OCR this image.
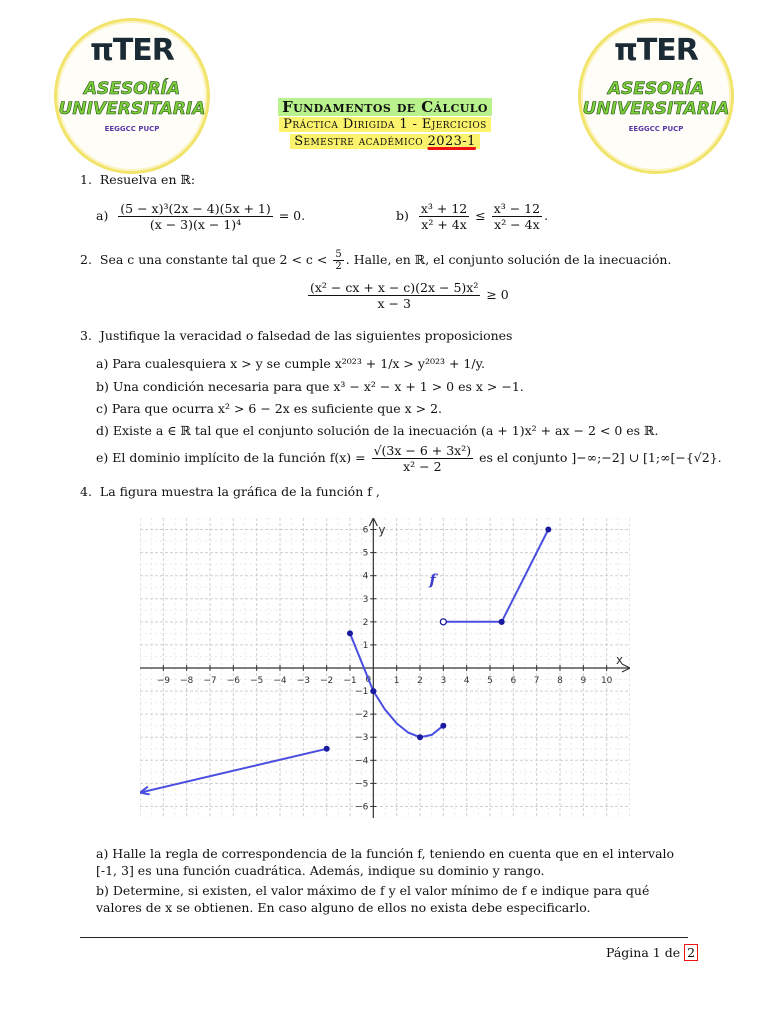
πTER
ASESORÍA
UNIVERSITARIA
EEGGCC PUCP
πTER
ASESORÍA
UNIVERSITARIA
EEGGCC PUCP
Fundamentos de Cálculo
Práctica Dirigida 1 - Ejercicios
Semestre académico 2023-1
1. Resuelva en ℝ:
$a) \frac{\text{(5 − x)³(2x − 4)(5x + 1)}}{\text{(x − 3)(x − 1)⁴}} = 0$.	$b) \frac{\text{x³ + 12}}{\text{x² + 4x}} \le \frac{\text{x³ − 12}}{\text{x² − 4x}}$ .
2. Sea c una constante tal que $2 < c < \frac{5}{2}$ . Halle, en ℝ, el conjunto solución de la inecuación.
$\frac{\text{(x² − cx + x − c)(2x − 5)x²}}{x - 3} \ge 0$
3. Justifique la veracidad o falsedad de las siguientes proposiciones
a) Para cualesquiera x > y se cumple x²⁰²³ + 1/x > y²⁰²³ + 1/y.
b) Una condición necesaria para que x³ − x² − x + 1 > 0 es x > −1.
c) Para que ocurra x² > 6 − 2x es suficiente que x > 2.
d) Existe a ∈ ℝ tal que el conjunto solución de la inecuación (a + 1)x² + ax − 2 < 0 es ℝ.
e) El dominio implícito de la función $f(x) = \frac{\text{√(3x − 6 + 3x²)}}{\text{x² − 2}}$ es el conjunto ]−∞;−2] ∪ [1;∞[−{√2}.
4. La figura muestra la gráfica de la función f ,
x
y
−9 −8 −7 −6 −5 −4 −3 −2 −1	1 2 3 4 5 6 7 8 9 10
−6
−5
−4
−3
−2
−1
1
2
3
4
5
6
0
f
a) Halle la regla de correspondencia de la función f, teniendo en cuenta que en el intervalo [-1, 3] es una función cuadrática. Además, indique su dominio y rango.
b) Determine, si existen, el valor máximo de f y el valor mínimo de f e indique para qué valores de x se obtienen. En caso alguno de ellos no exista debe especificarlo.
Página 1 de 2
